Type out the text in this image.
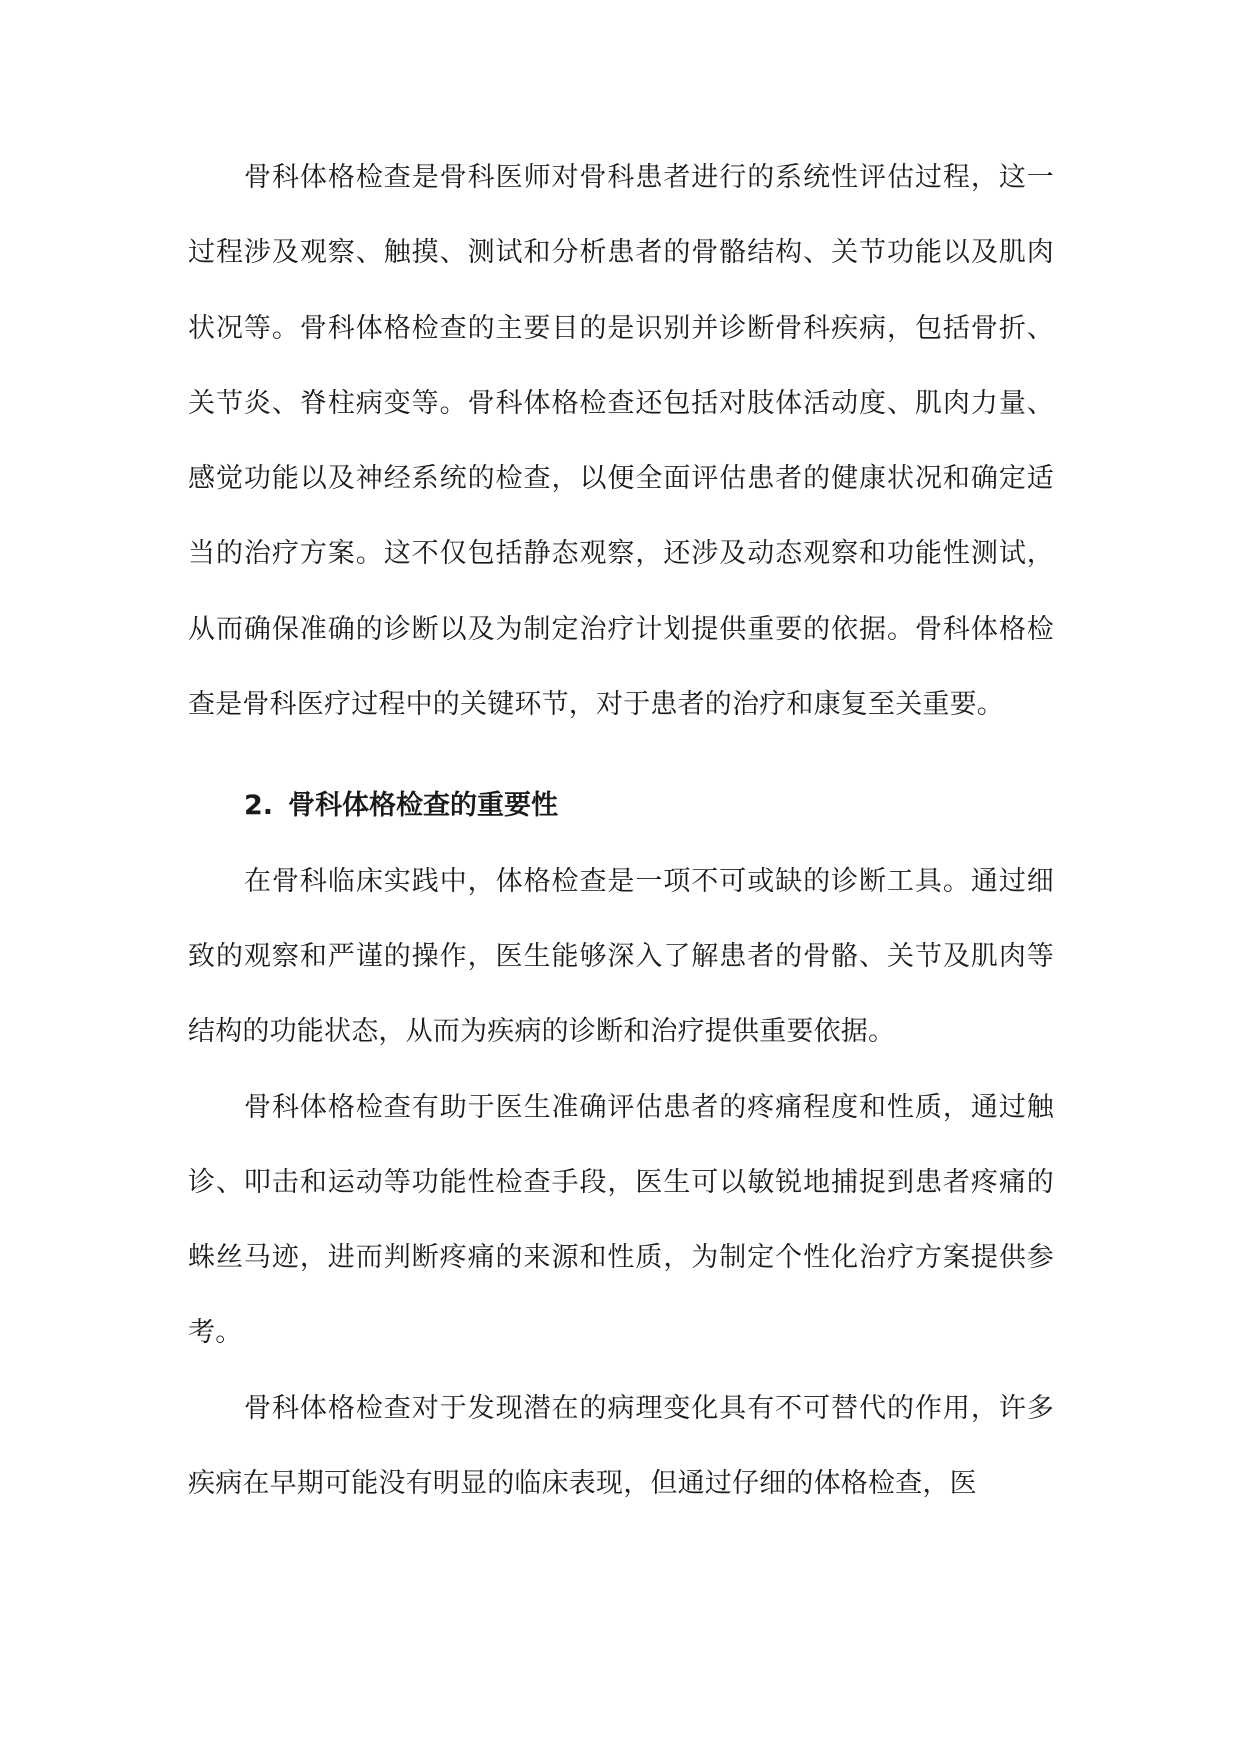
骨科体格检查是骨科医师对骨科患者进行的系统性评估过程，这一过程涉及观察、触摸、测试和分析患者的骨骼结构、关节功能以及肌肉状况等。骨科体格检查的主要目的是识别并诊断骨科疾病，包括骨折、关节炎、脊柱病变等。骨科体格检查还包括对肢体活动度、肌肉力量、感觉功能以及神经系统的检查，以便全面评估患者的健康状况和确定适当的治疗方案。这不仅包括静态观察，还涉及动态观察和功能性测试，从而确保准确的诊断以及为制定治疗计划提供重要的依据。骨科体格检查是骨科医疗过程中的关键环节，对于患者的治疗和康复至关重要。

2. 骨科体格检查的重要性

在骨科临床实践中，体格检查是一项不可或缺的诊断工具。通过细致的观察和严谨的操作，医生能够深入了解患者的骨骼、关节及肌肉等结构的功能状态，从而为疾病的诊断和治疗提供重要依据。

骨科体格检查有助于医生准确评估患者的疼痛程度和性质，通过触诊、叩击和运动等功能性检查手段，医生可以敏锐地捕捉到患者疼痛的蛛丝马迹，进而判断疼痛的来源和性质，为制定个性化治疗方案提供参考。

骨科体格检查对于发现潜在的病理变化具有不可替代的作用，许多疾病在早期可能没有明显的临床表现，但通过仔细的体格检查，医
